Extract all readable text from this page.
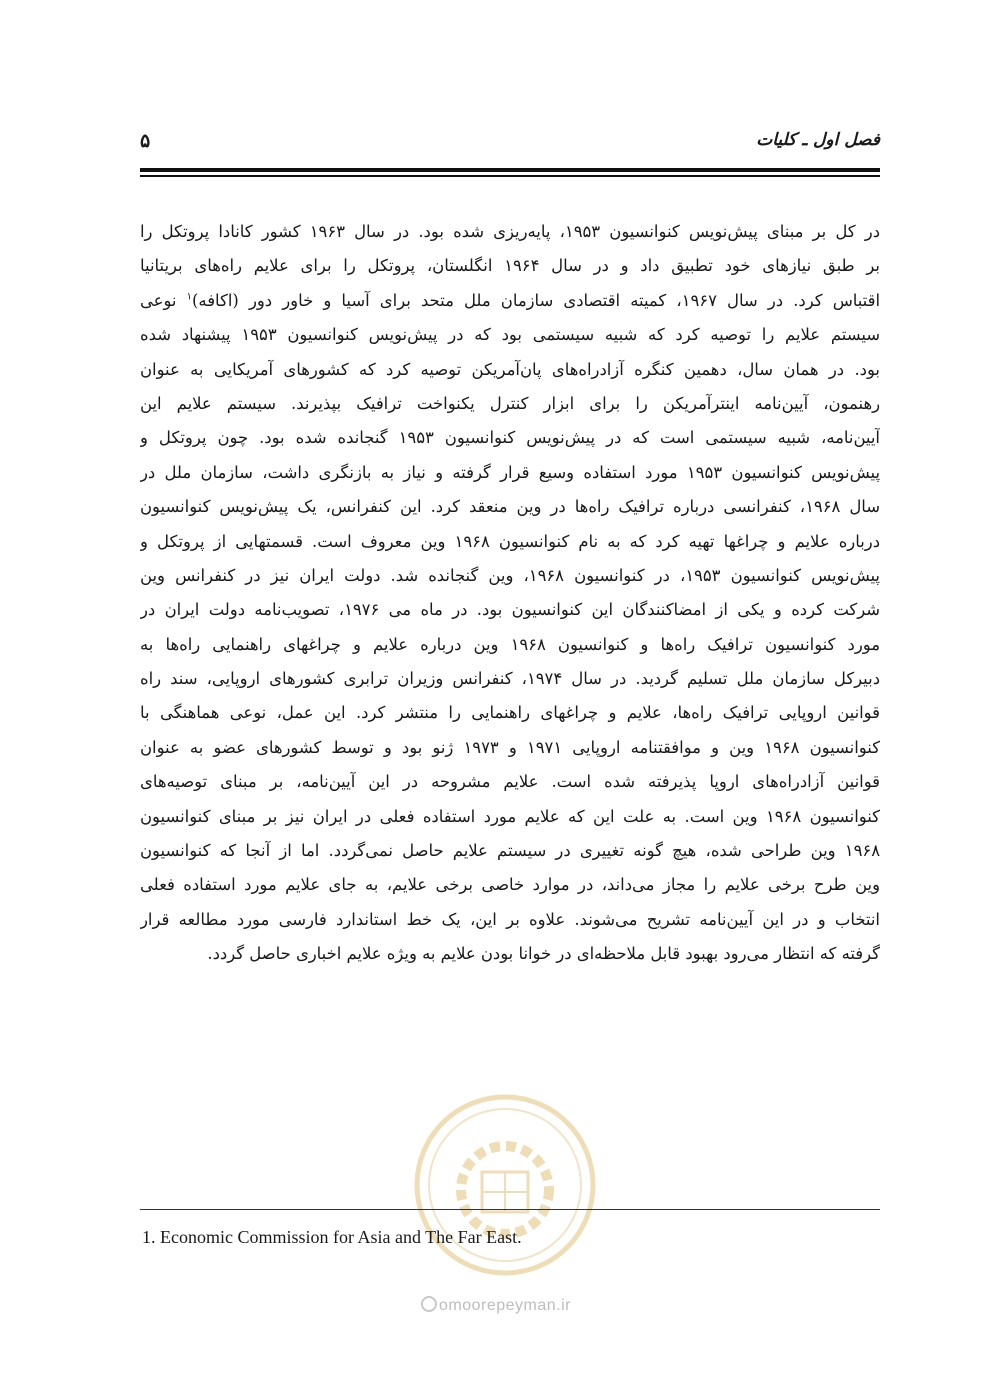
۵	فصل اول ـ کلیات
در کل بر مبنای پیش‌نویس کنوانسیون ۱۹۵۳، پایه‌ریزی شده بود. در سال ۱۹۶۳ کشور کانادا پروتکل را
بر طبق نیازهای خود تطبیق داد و در سال ۱۹۶۴ انگلستان، پروتکل را برای علایم راه‌های بریتانیا
اقتباس کرد. در سال ۱۹۶۷، کمیته اقتصادی سازمان ملل متحد برای آسیا و خاور دور (اکافه)$^۱$ نوعی
سیستم علایم را توصیه کرد که شبیه سیستمی بود که در پیش‌نویس کنوانسیون ۱۹۵۳ پیشنهاد شده
بود. در همان سال، دهمین کنگره آزادراه‌های پان‌آمریکن توصیه کرد که کشورهای آمریکایی به عنوان
رهنمون، آیین‌نامه اینترآمریکن را برای ابزار کنترل یکنواخت ترافیک بپذیرند. سیستم علایم این
آیین‌نامه، شبیه سیستمی است که در پیش‌نویس کنوانسیون ۱۹۵۳ گنجانده شده بود. چون پروتکل و
پیش‌نویس کنوانسیون ۱۹۵۳ مورد استفاده وسیع قرار گرفته و نیاز به بازنگری داشت، سازمان ملل در
سال ۱۹۶۸، کنفرانسی درباره ترافیک راه‌ها در وین منعقد کرد. این کنفرانس، یک پیش‌نویس کنوانسیون
درباره علایم و چراغها تهیه کرد که به نام کنوانسیون ۱۹۶۸ وین معروف است. قسمتهایی از پروتکل و
پیش‌نویس کنوانسیون ۱۹۵۳، در کنوانسیون ۱۹۶۸، وین گنجانده شد. دولت ایران نیز در کنفرانس وین
شرکت کرده و یکی از امضاکنندگان این کنوانسیون بود. در ماه می ۱۹۷۶، تصویب‌نامه دولت ایران در
مورد کنوانسیون ترافیک راه‌ها و کنوانسیون ۱۹۶۸ وین درباره علایم و چراغهای راهنمایی راه‌ها به
دبیرکل سازمان ملل تسلیم گردید. در سال ۱۹۷۴، کنفرانس وزیران ترابری کشورهای اروپایی، سند راه
قوانین اروپایی ترافیک راه‌ها، علایم و چراغهای راهنمایی را منتشر کرد. این عمل، نوعی هماهنگی با
کنوانسیون ۱۹۶۸ وین و موافقتنامه اروپایی ۱۹۷۱ و ۱۹۷۳ ژنو بود و توسط کشورهای عضو به عنوان
قوانین آزادراه‌های اروپا پذیرفته شده است. علایم مشروحه در این آیین‌نامه، بر مبنای توصیه‌های
کنوانسیون ۱۹۶۸ وین است. به علت این که علایم مورد استفاده فعلی در ایران نیز بر مبنای کنوانسیون
۱۹۶۸ وین طراحی شده، هیچ گونه تغییری در سیستم علایم حاصل نمی‌گردد. اما از آنجا که کنوانسیون
وین طرح برخی علایم را مجاز می‌داند، در موارد خاصی برخی علایم، به جای علایم مورد استفاده فعلی
انتخاب و در این آیین‌نامه تشریح می‌شوند. علاوه بر این، یک خط استاندارد فارسی مورد مطالعه قرار
گرفته که انتظار می‌رود بهبود قابل ملاحظه‌ای در خوانا بودن علایم به ویژه علایم اخباری حاصل گردد.
1. Economic Commission for Asia and The Far East.
omoorepeyman.ir
